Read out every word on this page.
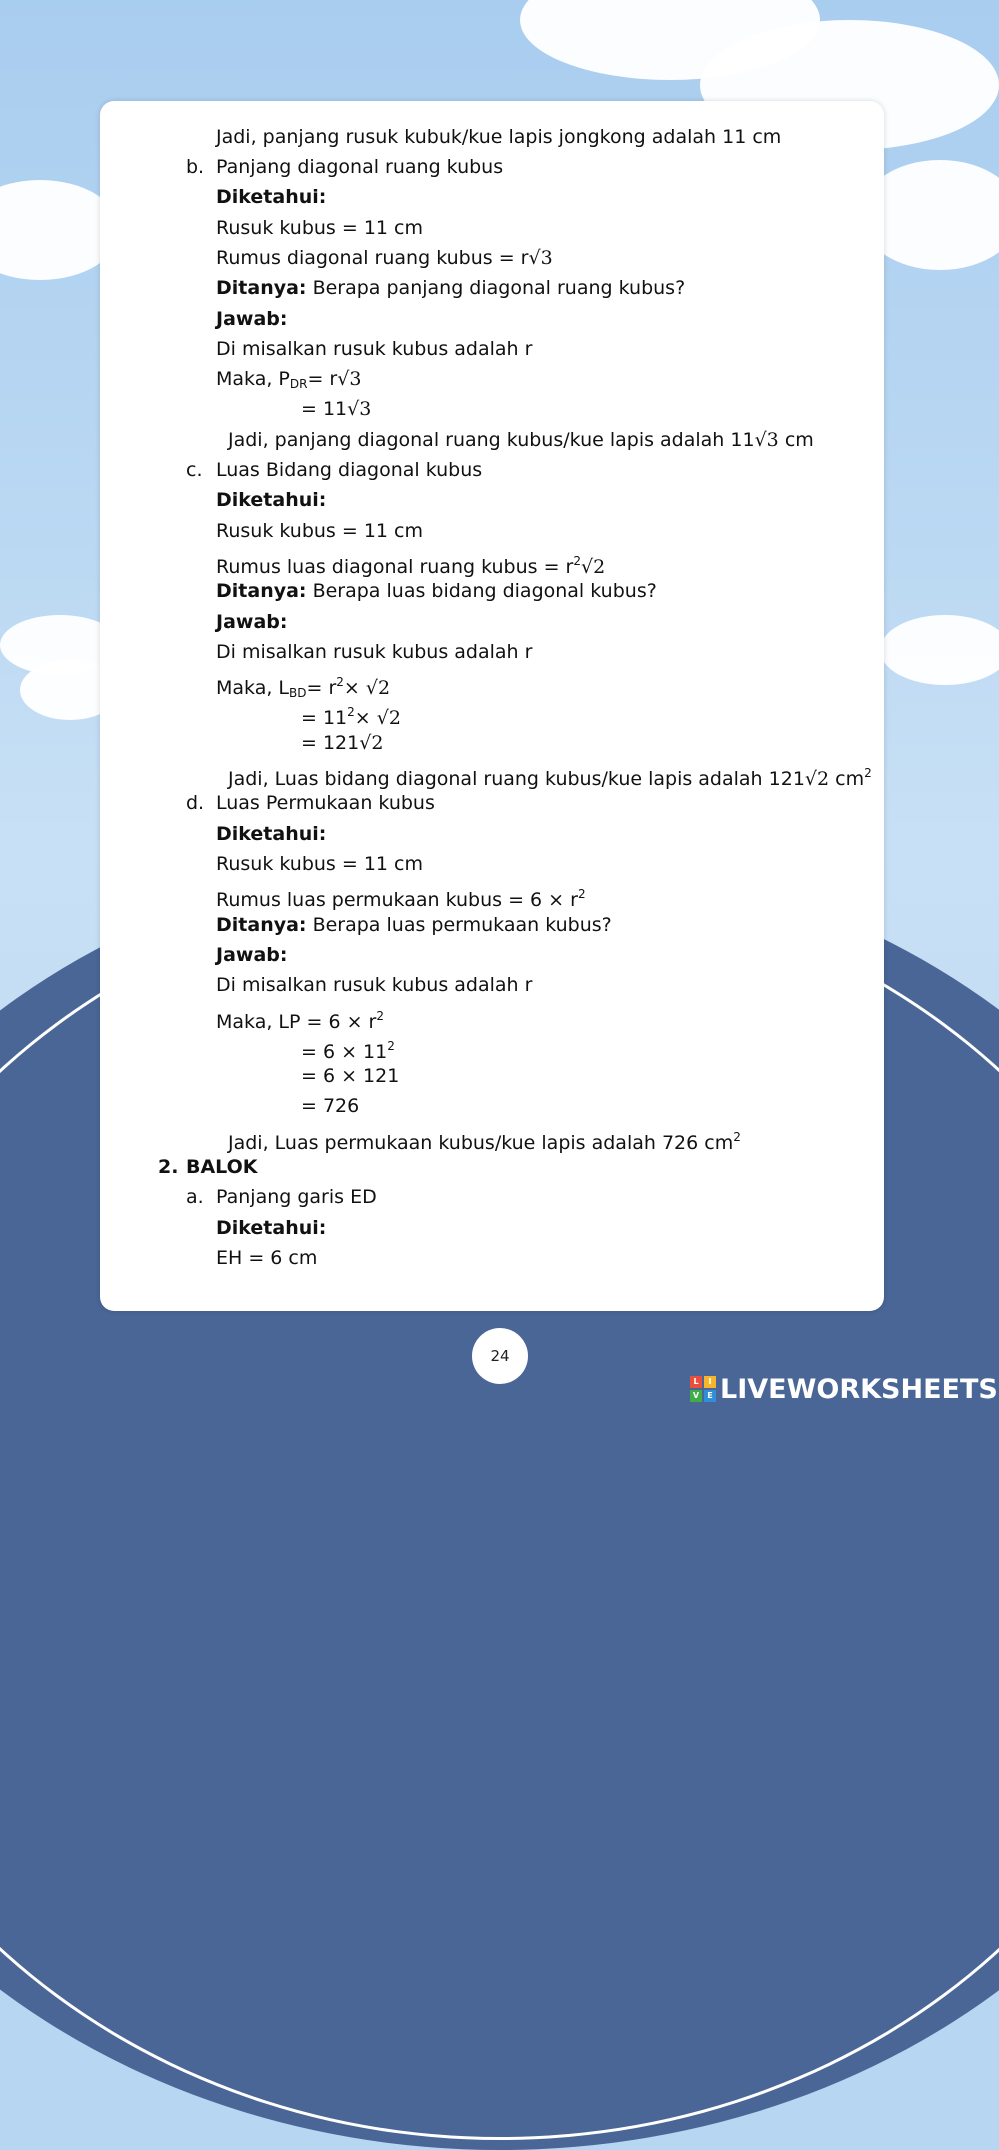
Jadi, panjang rusuk kubuk/kue lapis jongkong adalah 11 cm
b. Panjang diagonal ruang kubus
Diketahui:
Rusuk kubus = 11 cm
Rumus diagonal ruang kubus = r√3
Ditanya: Berapa panjang diagonal ruang kubus?
Jawab:
Di misalkan rusuk kubus adalah r
Maka, $P_{DR}= r√3$
= 11√3
Jadi, panjang diagonal ruang kubus/kue lapis adalah 11√3 cm
c. Luas Bidang diagonal kubus
Diketahui:
Rusuk kubus = 11 cm
Rumus luas diagonal ruang kubus = $r^2√2$
Ditanya: Berapa luas bidang diagonal kubus?
Jawab:
Di misalkan rusuk kubus adalah r
Maka, $L_{BD}= r^2\times √2$
= $11^2\times √2$
= 121√2
Jadi, Luas bidang diagonal ruang kubus/kue lapis adalah 121√2 $cm^2$
d. Luas Permukaan kubus
Diketahui:
Rusuk kubus = 11 cm
Rumus luas permukaan kubus = $6 \times r^2$
Ditanya: Berapa luas permukaan kubus?
Jawab:
Di misalkan rusuk kubus adalah r
Maka, LP = $6 \times r^2$
= $6 \times 11^2$
= 6 × 121
= 726
Jadi, Luas permukaan kubus/kue lapis adalah 726 $cm^2$
2. BALOK
a. Panjang garis ED
Diketahui:
EH = 6 cm
24
L	I
V	E LIVEWORKSHEETS
